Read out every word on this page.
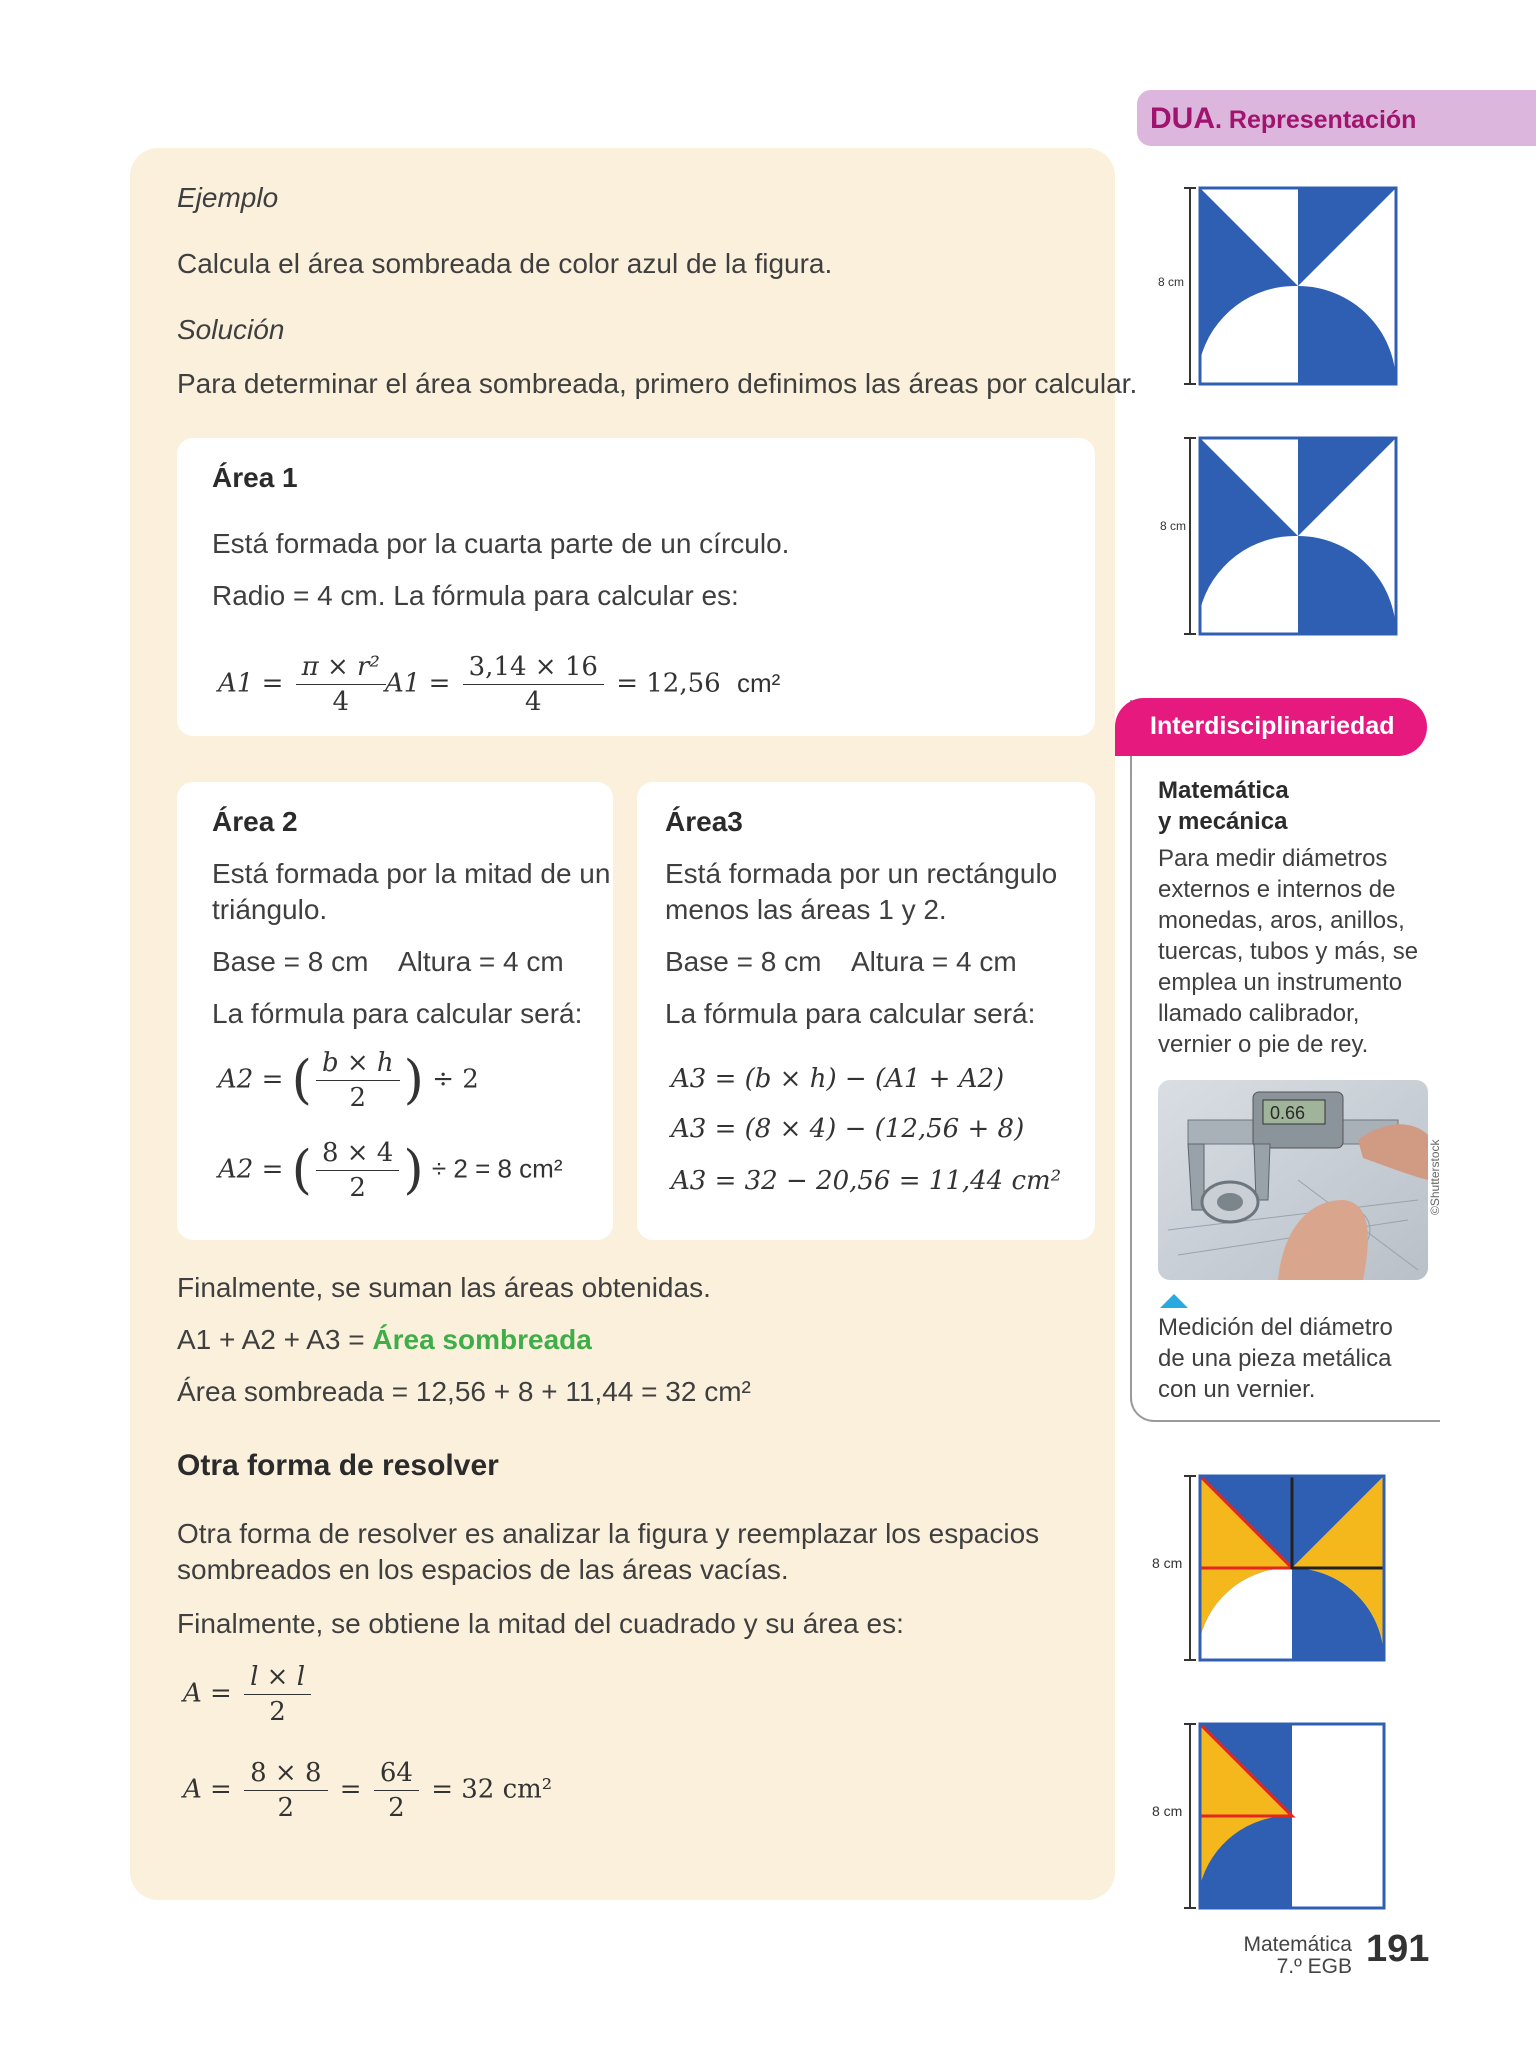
Ejemplo
Calcula el área sombreada de color azul de la figura.
Solución
Para determinar el área sombreada, primero definimos las áreas por calcular.
Área 1
Está formada por la cuarta parte de un círculo.
Radio = 4 cm. La fórmula para calcular es:
$A1 = \frac{\text{π × r²}}{4} A1 = \frac{3,14 \times 16}{4} = 12,56$ cm²
Área 2
Está formada por la mitad de un
triángulo.
Base = 8 cm Altura = 4 cm
La fórmula para calcular será:
A2 = ( $\frac{b \times h}{2}$ ) ÷ 2
A2 = ( $\frac{8 \times 4}{2}$ ) ÷ 2 = 8 cm²
Área3
Está formada por un rectángulo
menos las áreas 1 y 2.
Base = 8 cm Altura = 4 cm
La fórmula para calcular será:
A3 = (b × h) − (A1 + A2)
A3 = (8 × 4) − (12,56 + 8)
A3 = 32 − 20,56 = 11,44 cm²
Finalmente, se suman las áreas obtenidas.
A1 + A2 + A3 = Área sombreada
Área sombreada = 12,56 + 8 + 11,44 = 32 cm²
Otra forma de resolver
Otra forma de resolver es analizar la figura y reemplazar los espacios
sombreados en los espacios de las áreas vacías.
Finalmente, se obtiene la mitad del cuadrado y su área es:
$A = \frac{l \times l}{2}$
$A = \frac{8 \times 8}{2} = \frac{64}{2} = 32$ cm²
DUA. Representación
8 cm
8 cm
A2
A3
A1
Interdisciplinariedad
Matemática
y mecánica
Para medir diámetros
externos e internos de
monedas, aros, anillos,
tuercas, tubos y más, se
emplea un instrumento
llamado calibrador,
vernier o pie de rey.
0.66
©Shutterstock
Medición del diámetro
de una pieza metálica
con un vernier.
8 cm
8 cm
Matemática
7.º EGB 191
